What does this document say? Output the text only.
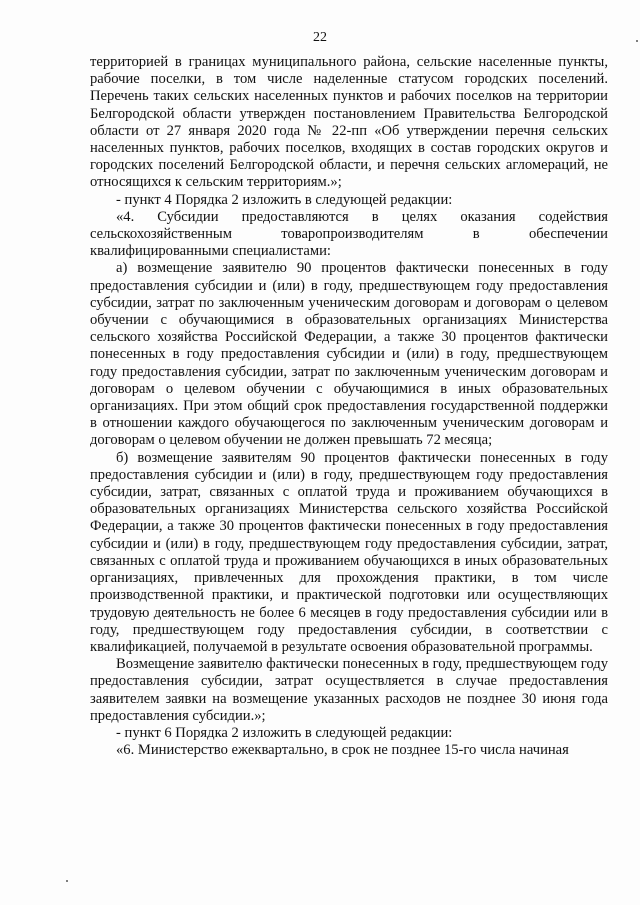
22

территорией в границах муниципального района, сельские населенные пункты, рабочие поселки, в том числе наделенные статусом городских поселений. Перечень таких сельских населенных пунктов и рабочих поселков на территории Белгородской области утвержден постановлением Правительства Белгородской области от 27 января 2020 года № 22-пп «Об утверждении перечня сельских населенных пунктов, рабочих поселков, входящих в состав городских округов и городских поселений Белгородской области, и перечня сельских агломераций, не относящихся к сельским территориям.»;

- пункт 4 Порядка 2 изложить в следующей редакции:

«4. Субсидии предоставляются в целях оказания содействия сельскохозяйственным товаропроизводителям в обеспечении квалифицированными специалистами:

а) возмещение заявителю 90 процентов фактически понесенных в году предоставления субсидии и (или) в году, предшествующем году предоставления субсидии, затрат по заключенным ученическим договорам и договорам о целевом обучении с обучающимися в образовательных организациях Министерства сельского хозяйства Российской Федерации, а также 30 процентов фактически понесенных в году предоставления субсидии и (или) в году, предшествующем году предоставления субсидии, затрат по заключенным ученическим договорам и договорам о целевом обучении с обучающимися в иных образовательных организациях. При этом общий срок предоставления государственной поддержки в отношении каждого обучающегося по заключенным ученическим договорам и договорам о целевом обучении не должен превышать 72 месяца;

б) возмещение заявителям 90 процентов фактически понесенных в году предоставления субсидии и (или) в году, предшествующем году предоставления субсидии, затрат, связанных с оплатой труда и проживанием обучающихся в образовательных организациях Министерства сельского хозяйства Российской Федерации, а также 30 процентов фактически понесенных в году предоставления субсидии и (или) в году, предшествующем году предоставления субсидии, затрат, связанных с оплатой труда и проживанием обучающихся в иных образовательных организациях, привлеченных для прохождения практики, в том числе производственной практики, и практической подготовки или осуществляющих трудовую деятельность не более 6 месяцев в году предоставления субсидии или в году, предшествующем году предоставления субсидии, в соответствии с квалификацией, получаемой в результате освоения образовательной программы.

Возмещение заявителю фактически понесенных в году, предшествующем году предоставления субсидии, затрат осуществляется в случае предоставления заявителем заявки на возмещение указанных расходов не позднее 30 июня года предоставления субсидии.»;

- пункт 6 Порядка 2 изложить в следующей редакции:

«6. Министерство ежеквартально, в срок не позднее 15-го числа начиная
